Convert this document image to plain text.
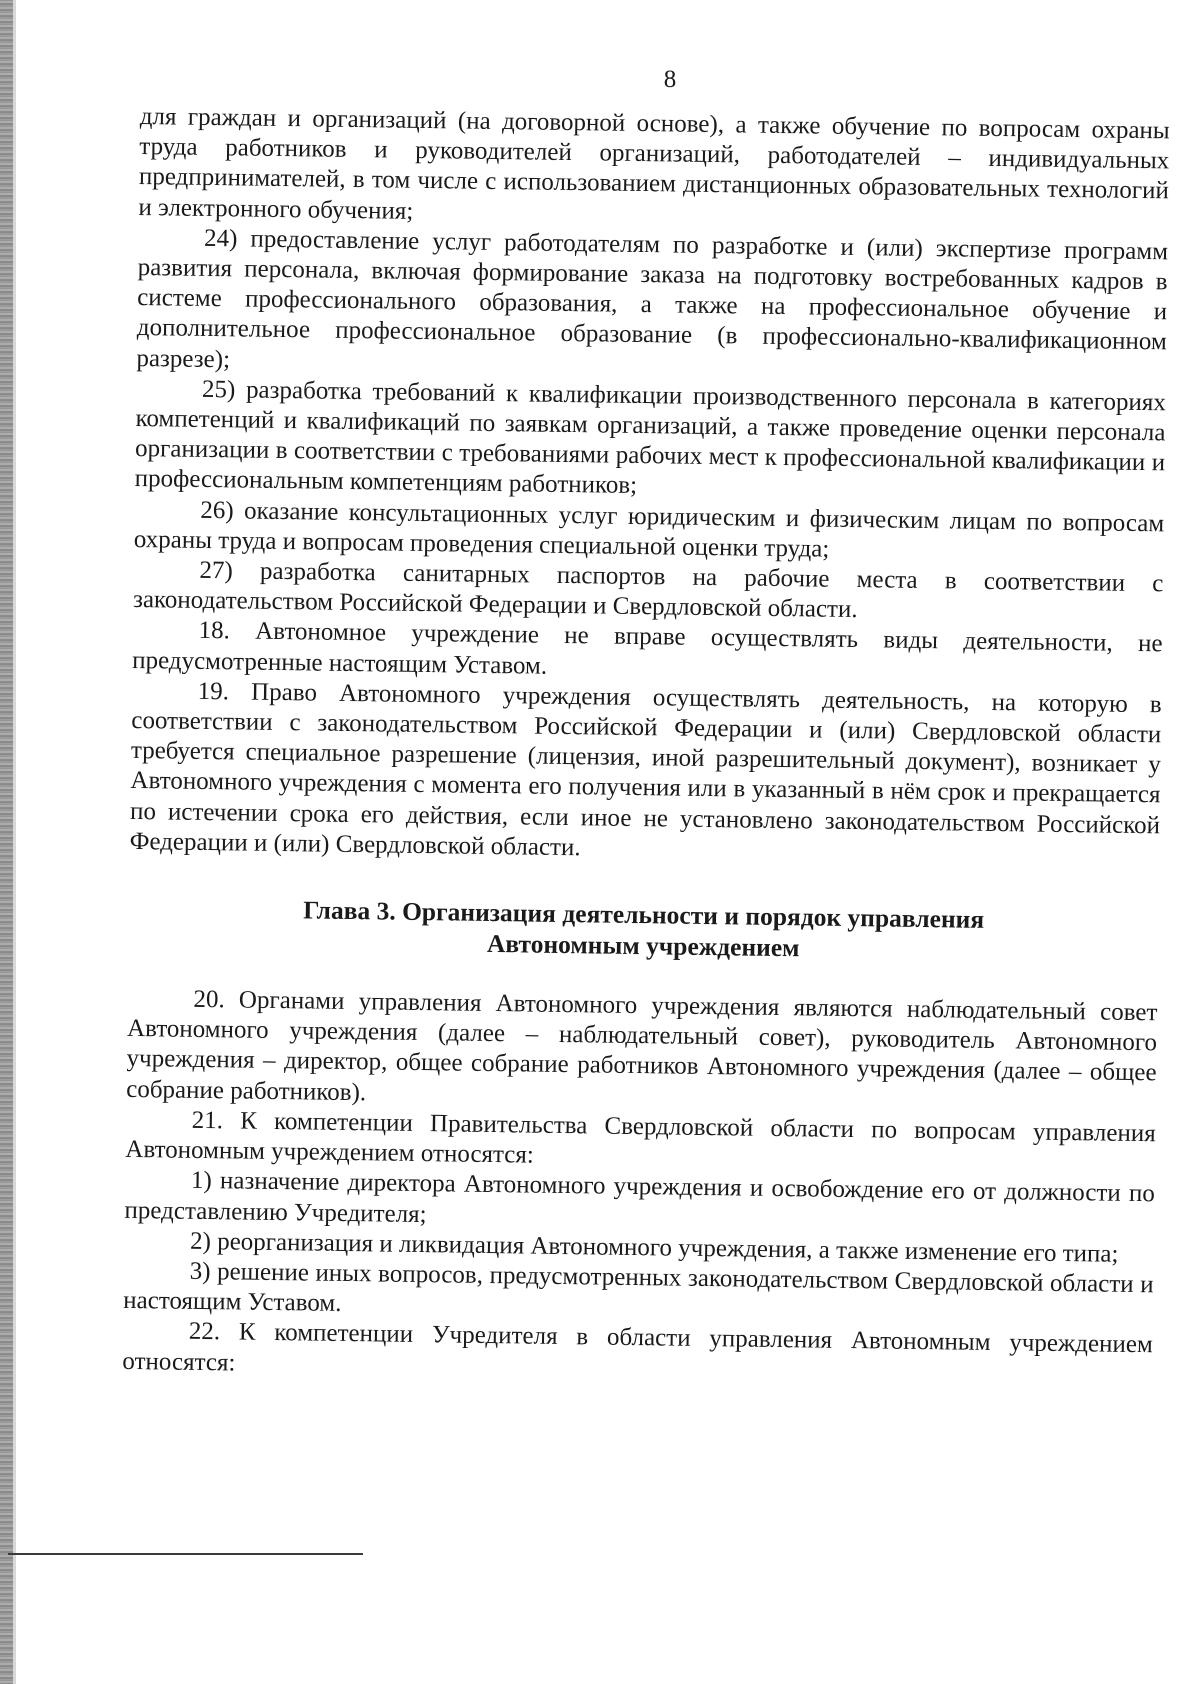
8

для граждан и организаций (на договорной основе), а также обучение по вопросам охраны труда работников и руководителей организаций, работодателей – индивидуальных предпринимателей, в том числе с использованием дистанционных образовательных технологий и электронного обучения;

24) предоставление услуг работодателям по разработке и (или) экспертизе программ развития персонала, включая формирование заказа на подготовку востребованных кадров в системе профессионального образования, а также на профессиональное обучение и дополнительное профессиональное образование (в профессионально-квалификационном разрезе);

25) разработка требований к квалификации производственного персонала в категориях компетенций и квалификаций по заявкам организаций, а также проведение оценки персонала организации в соответствии с требованиями рабочих мест к профессиональной квалификации и профессиональным компетенциям работников;

26) оказание консультационных услуг юридическим и физическим лицам по вопросам охраны труда и вопросам проведения специальной оценки труда;

27) разработка санитарных паспортов на рабочие места в соответствии с законодательством Российской Федерации и Свердловской области.

18. Автономное учреждение не вправе осуществлять виды деятельности, не предусмотренные настоящим Уставом.

19. Право Автономного учреждения осуществлять деятельность, на которую в соответствии с законодательством Российской Федерации и (или) Свердловской области требуется специальное разрешение (лицензия, иной разрешительный документ), возникает у Автономного учреждения с момента его получения или в указанный в нём срок и прекращается по истечении срока его действия, если иное не установлено законодательством Российской Федерации и (или) Свердловской области.

Глава 3. Организация деятельности и порядок управления
Автономным учреждением

20. Органами управления Автономного учреждения являются наблюдательный совет Автономного учреждения (далее – наблюдательный совет), руководитель Автономного учреждения – директор, общее собрание работников Автономного учреждения (далее – общее собрание работников).

21. К компетенции Правительства Свердловской области по вопросам управления Автономным учреждением относятся:

1) назначение директора Автономного учреждения и освобождение его от должности по представлению Учредителя;

2) реорганизация и ликвидация Автономного учреждения, а также изменение его типа;

3) решение иных вопросов, предусмотренных законодательством Свердловской области и настоящим Уставом.

22. К компетенции Учредителя в области управления Автономным учреждением относятся:
